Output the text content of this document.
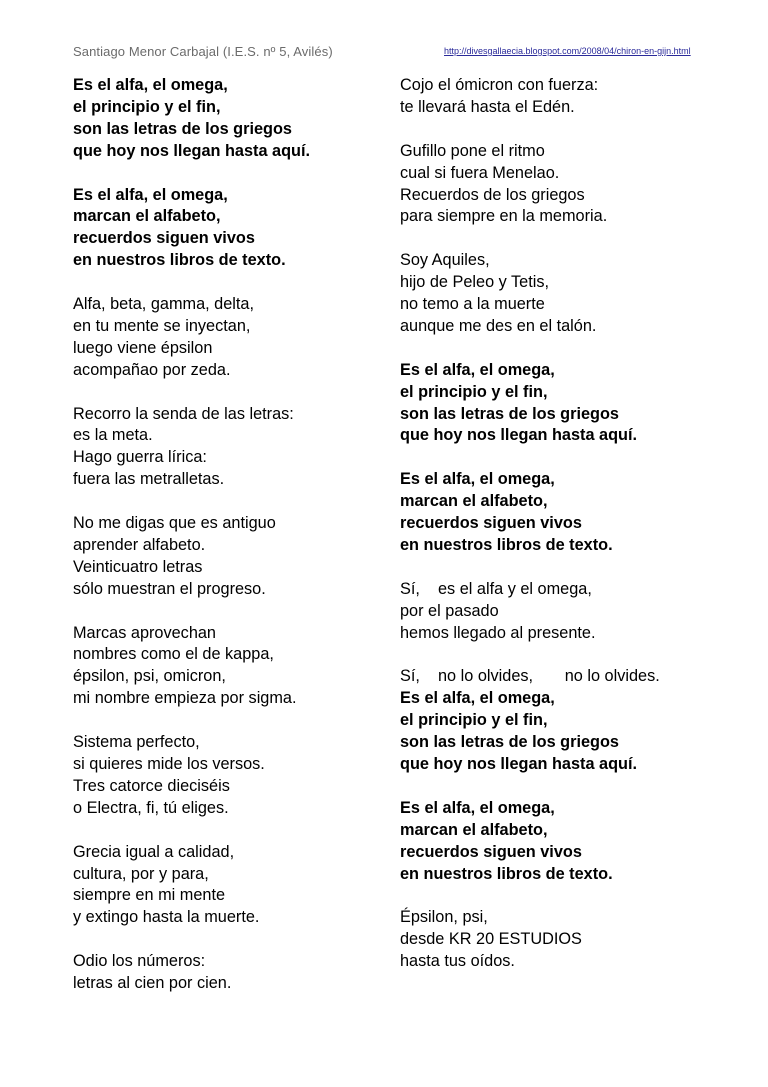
Santiago Menor Carbajal (I.E.S. nº 5, Avilés)	http://divesgallaecia.blogspot.com/2008/04/chiron-en-gijn.html
Es el alfa, el omega,
el principio y el fin,
son las letras de los griegos
que hoy nos llegan hasta aquí.
Es el alfa, el omega,
marcan el alfabeto,
recuerdos siguen vivos
en nuestros libros de texto.
Alfa, beta, gamma, delta,
en tu mente se inyectan,
luego viene épsilon
acompañao por zeda.
Recorro la senda de las letras:
es la meta.
Hago guerra lírica:
fuera las metralletas.
No me digas que es antiguo
aprender alfabeto.
Veinticuatro letras
sólo muestran el progreso.
Marcas aprovechan
nombres como el de kappa,
épsilon, psi, omicron,
mi nombre empieza por sigma.
Sistema perfecto,
si quieres mide los versos.
Tres catorce dieciséis
o Electra, fi, tú eliges.
Grecia igual a calidad,
cultura, por y para,
siempre en mi mente
y extingo hasta la muerte.
Odio los números:
letras al cien por cien.
Cojo el ómicron con fuerza:
te llevará hasta el Edén.
Gufillo pone el ritmo
cual si fuera Menelao.
Recuerdos de los griegos
para siempre en la memoria.
Soy Aquiles,
hijo de Peleo y Tetis,
no temo a la muerte
aunque me des en el talón.
Es el alfa, el omega,
el principio y el fin,
son las letras de los griegos
que hoy nos llegan hasta aquí.
Es el alfa, el omega,
marcan el alfabeto,
recuerdos siguen vivos
en nuestros libros de texto.
Sí,    es el alfa y el omega,
por el pasado
hemos llegado al presente.
Sí,    no lo olvides,       no lo olvides.
Es el alfa, el omega,
el principio y el fin,
son las letras de los griegos
que hoy nos llegan hasta aquí.
Es el alfa, el omega,
marcan el alfabeto,
recuerdos siguen vivos
en nuestros libros de texto.
Épsilon, psi,
desde KR 20 ESTUDIOS
hasta tus oídos.
